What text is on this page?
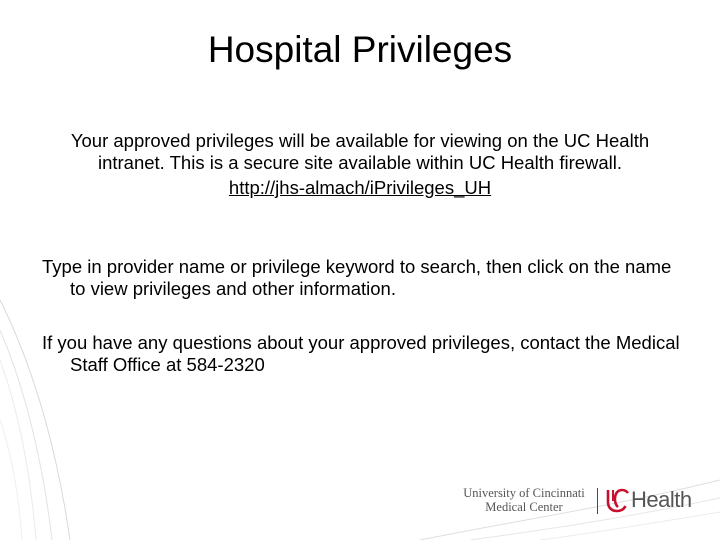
Hospital Privileges

Your approved privileges will be available for viewing on the UC Health
intranet. This is a secure site available within UC Health firewall.
http://jhs-almach/iPrivileges_UH

Type in provider name or privilege keyword to search, then click on the name to view privileges and other information.

If you have any questions about your approved privileges, contact the Medical Staff Office at 584-2320

University of Cincinnati
Medical Center	Health
